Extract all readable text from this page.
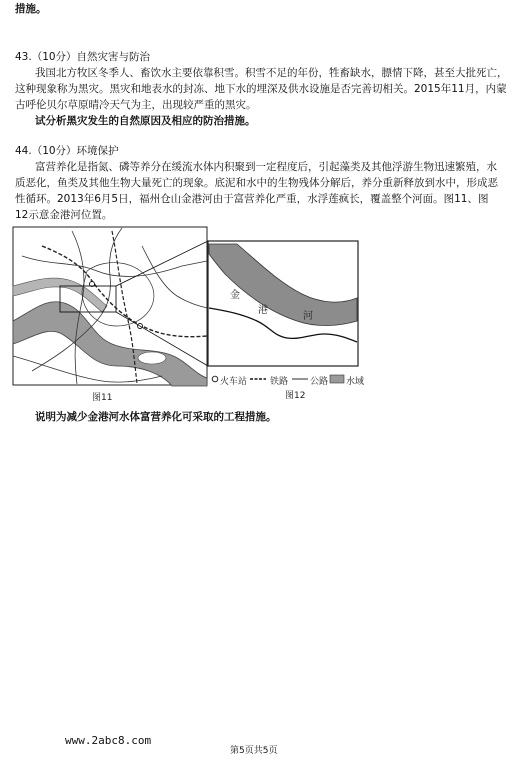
措施。
43.（10分）自然灾害与防治
我国北方牧区冬季人、畜饮水主要依靠积雪。积雪不足的年份，牲畜缺水，膘情下降，甚至大批死亡，
这种现象称为黑灾。黑灾和地表水的封冻、地下水的埋深及供水设施是否完善切相关。2015年11月，内蒙
古呼伦贝尔草原晴冷天气为主，出现较严重的黑灾。
试分析黑灾发生的自然原因及相应的防治措施。
44.（10分）环境保护
富营养化是指氮、磷等养分在缓流水体内积聚到一定程度后，引起藻类及其他浮游生物迅速繁殖，水
质恶化，鱼类及其他生物大量死亡的现象。底泥和水中的生物残体分解后，养分重新释放到水中，形成恶
性循环。2013年6月5日，福州仓山金港河由于富营养化严重，水浮莲疯长，覆盖整个河面。图11、图
12示意金港河位置。
金
港
河
火车站	铁路 公路 水域
图11	图12
说明为减少金港河水体富营养化可采取的工程措施。
www.2abc8.com
第5页共5页
